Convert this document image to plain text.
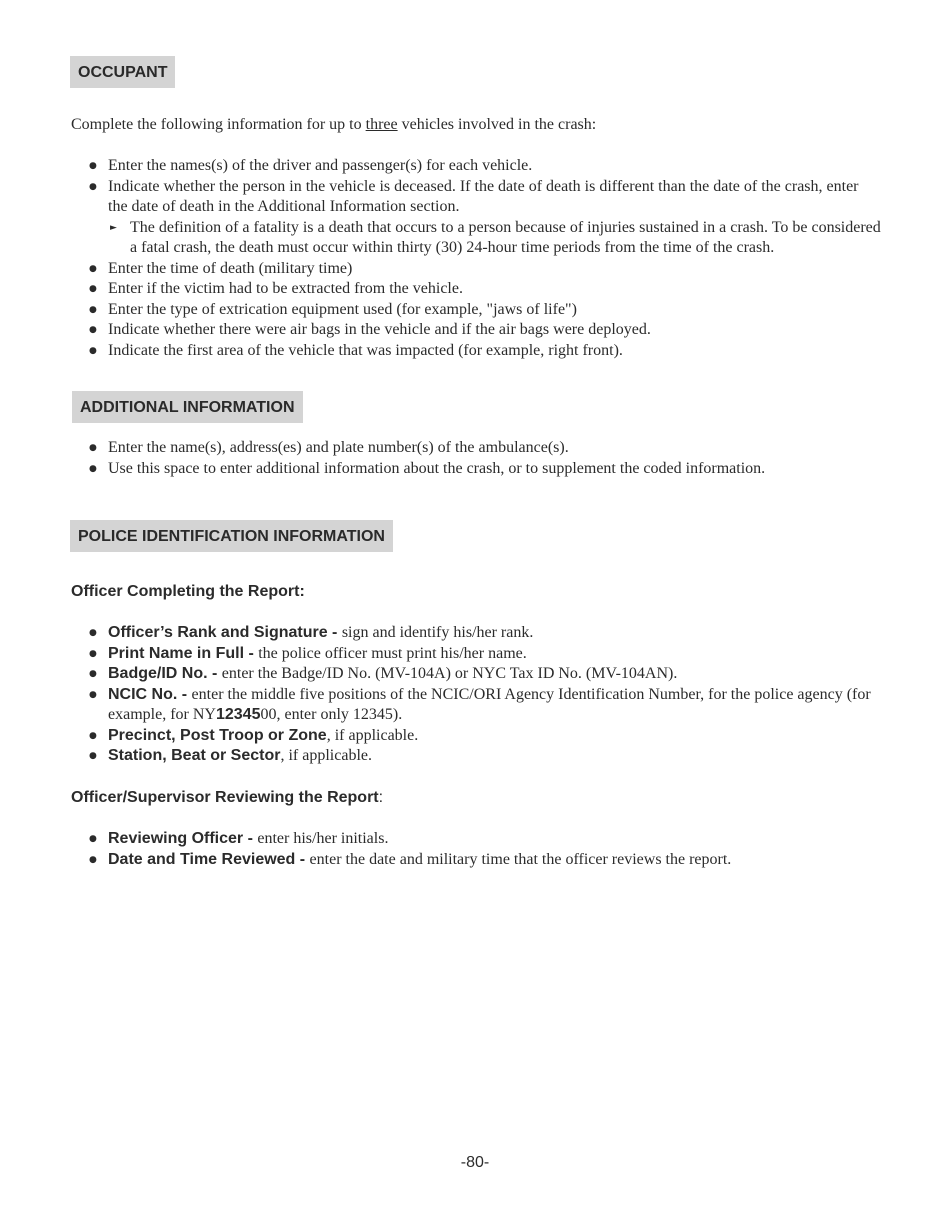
OCCUPANT

Complete the following information for up to three vehicles involved in the crash:

● Enter the names(s) of the driver and passenger(s) for each vehicle.
● Indicate whether the person in the vehicle is deceased. If the date of death is different than the date of the crash, enter the date of death in the Additional Information section.
► The definition of a fatality is a death that occurs to a person because of injuries sustained in a crash. To be considered a fatal crash, the death must occur within thirty (30) 24-hour time periods from the time of the crash.
● Enter the time of death (military time)
● Enter if the victim had to be extracted from the vehicle.
● Enter the type of extrication equipment used (for example, "jaws of life")
● Indicate whether there were air bags in the vehicle and if the air bags were deployed.
● Indicate the first area of the vehicle that was impacted (for example, right front).
ADDITIONAL INFORMATION
● Enter the name(s), address(es) and plate number(s) of the ambulance(s).
● Use this space to enter additional information about the crash, or to supplement the coded information.
POLICE IDENTIFICATION INFORMATION

Officer Completing the Report:

● Officer’s Rank and Signature - sign and identify his/her rank.
● Print Name in Full - the police officer must print his/her name.
● Badge/ID No. - enter the Badge/ID No. (MV-104A) or NYC Tax ID No. (MV-104AN).
● NCIC No. - enter the middle five positions of the NCIC/ORI Agency Identification Number, for the police agency (for example, for NY1234500, enter only 12345).
● Precinct, Post Troop or Zone, if applicable.
● Station, Beat or Sector, if applicable.

Officer/Supervisor Reviewing the Report:

● Reviewing Officer - enter his/her initials.
● Date and Time Reviewed - enter the date and military time that the officer reviews the report.
-80-
